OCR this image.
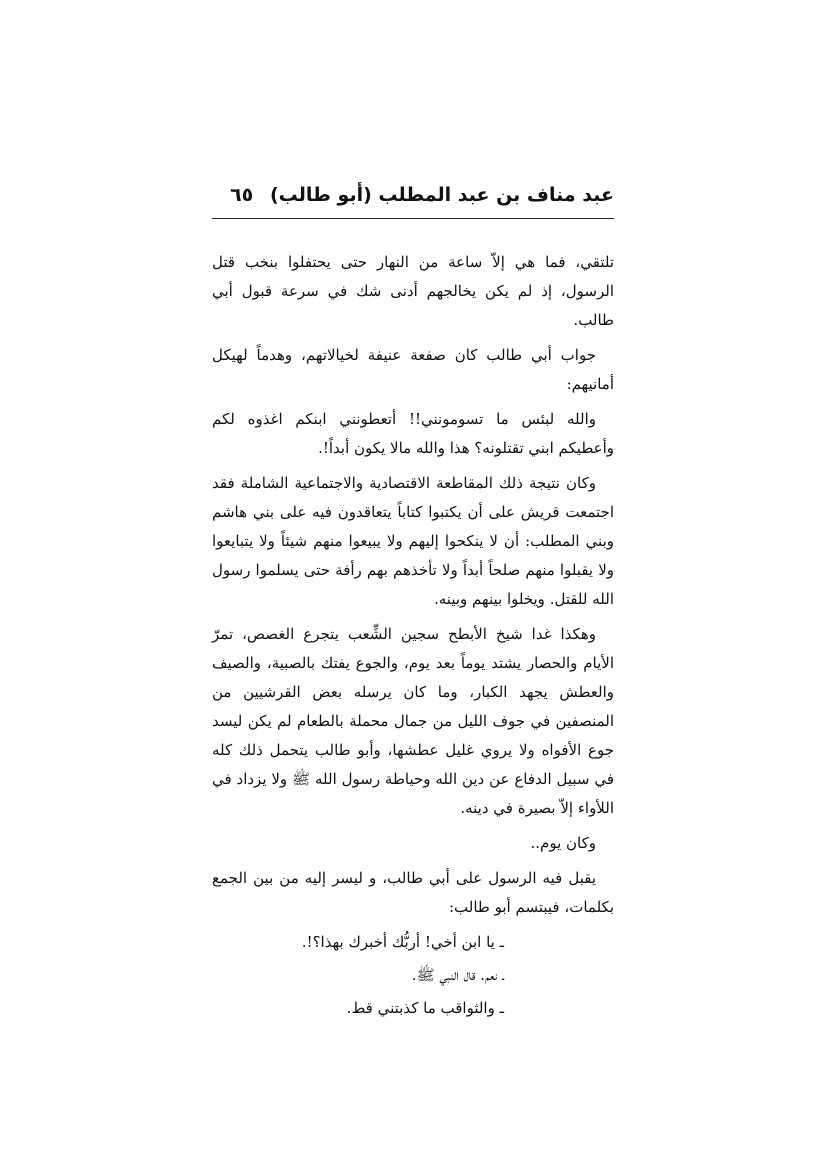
عبد مناف بن عبد المطلب (أبو طالب)
٦٥

تلتقي، فما هي إلاّ ساعة من النهار حتى يحتفلوا بنخب قتل الرسول، إذ لم يكن يخالجهم أدنى شك في سرعة قبول أبي طالب.

جواب أبي طالب كان صفعة عنيفة لخيالاتهم، وهدماً لهيكل أمانيهم:

والله لبئس ما تسومونني!! أتعطونني ابنكم اغذوه لكم وأعطيكم ابني تقتلونه؟ هذا والله مالا يكون أبداً!.

وكان نتيجة ذلك المقاطعة الاقتصادية والاجتماعية الشاملة فقد اجتمعت قريش على أن يكتبوا كتاباً يتعاقدون فيه على بني هاشم وبني المطلب: أن لا ينكحوا إليهم ولا يبيعوا منهم شيئاً ولا يتبايعوا ولا يقبلوا منهم صلحاً أبداً ولا تأخذهم بهم رأفة حتى يسلموا رسول الله للقتل. ويخلوا بينهم وبينه.

وهكذا غدا شيخ الأبطح سجين الشِّعب يتجرع الغصص، تمرّ الأيام والحصار يشتد يوماً بعد يوم، والجوع يفتك بالصبية، والصيف والعطش يجهد الكبار، وما كان يرسله بعض القرشيين من المنصفين في جوف الليل من جمال محملة بالطعام لم يكن ليسد جوع الأفواه ولا يروي غليل عطشها، وأبو طالب يتحمل ذلك كله في سبيل الدفاع عن دين الله وحياطة رسول الله ﷺ ولا يزداد في اللأواء إلاّ بصيرة في دينه.

وكان يوم..

يقبل فيه الرسول على أبي طالب، و ليسر إليه من بين الجمع بكلمات، فيبتسم أبو طالب:

ـ يا ابن أخي! أربُّك أخبرك بهذا؟!.

ـ نعم. قال النبي ﷺ.

ـ والثواقب ما كذبتني قط.
